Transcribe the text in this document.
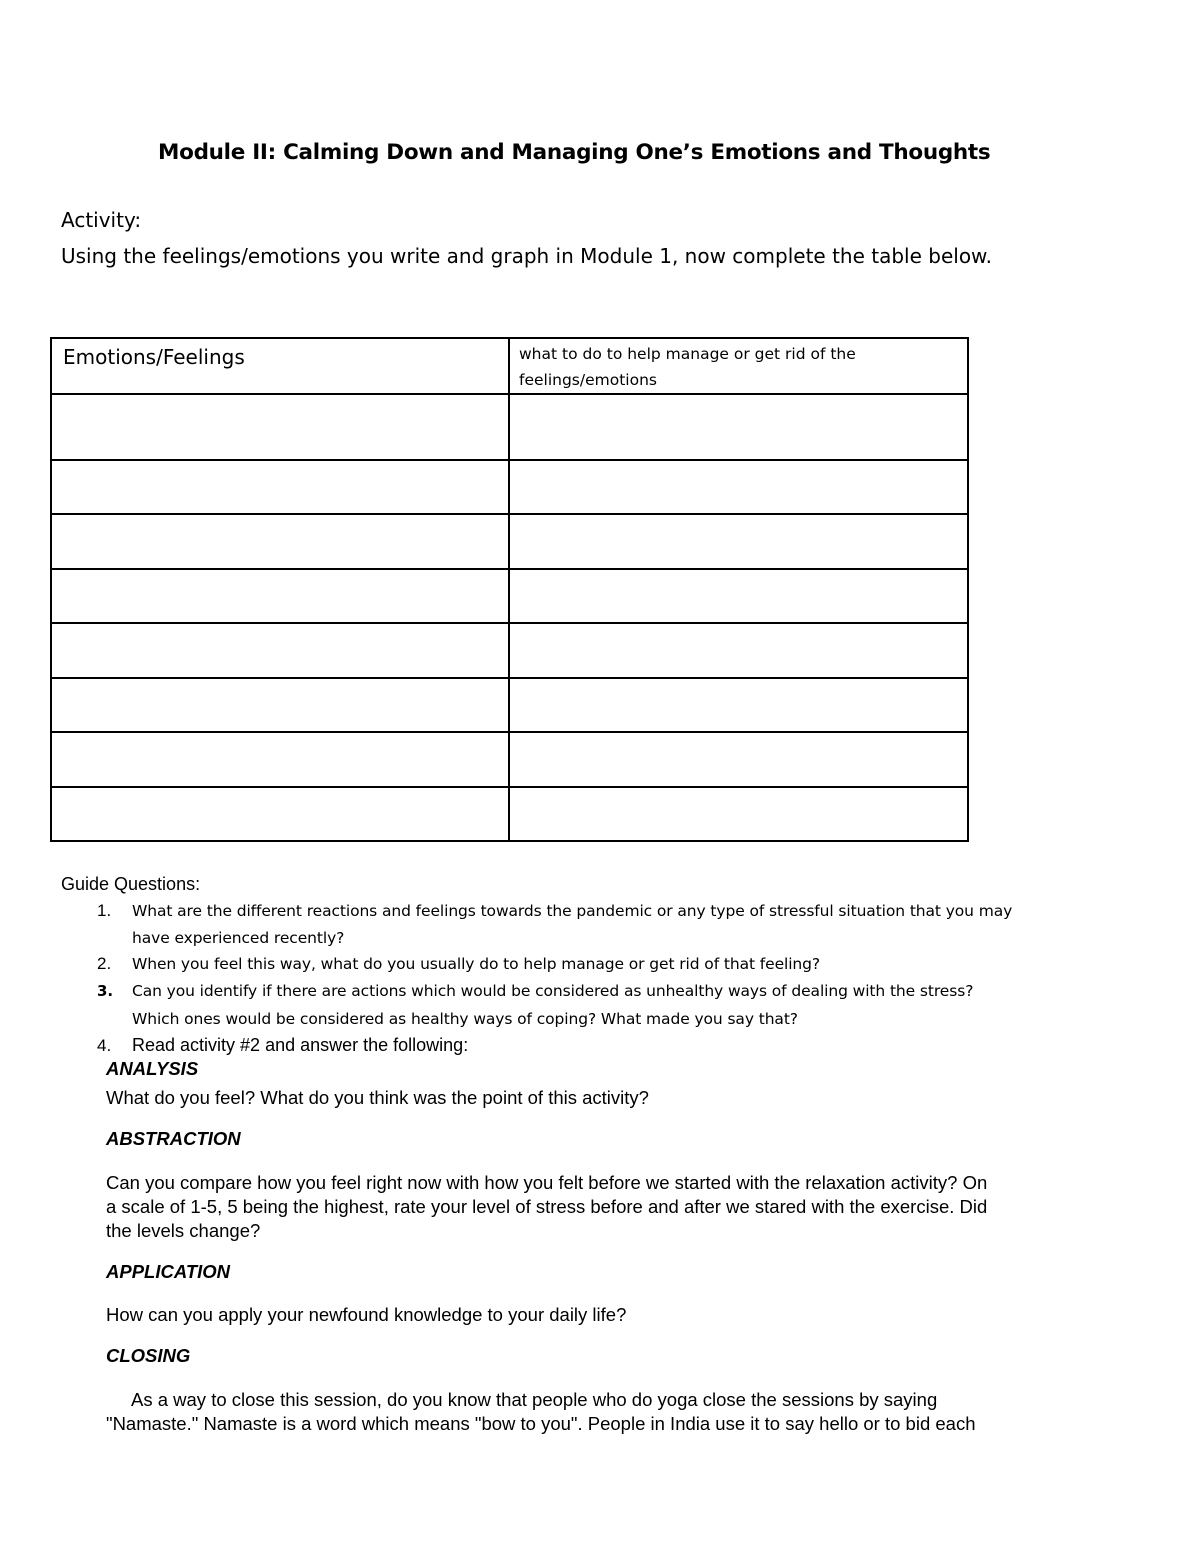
Module II: Calming Down and Managing One’s Emotions and Thoughts
Activity:
Using the feelings/emotions you write and graph in Module 1, now complete the table below.
Emotions/Feelings	what to do to help manage or get rid of the feelings/emotions

Guide Questions:
1. What are the different reactions and feelings towards the pandemic or any type of stressful situation that you may
have experienced recently?
2. When you feel this way, what do you usually do to help manage or get rid of that feeling?
3. Can you identify if there are actions which would be considered as unhealthy ways of dealing with the stress?
Which ones would be considered as healthy ways of coping? What made you say that?
4. Read activity #2 and answer the following:
ANALYSIS
What do you feel? What do you think was the point of this activity?
ABSTRACTION
Can you compare how you feel right now with how you felt before we started with the relaxation activity? On
a scale of 1-5, 5 being the highest, rate your level of stress before and after we stared with the exercise. Did
the levels change?
APPLICATION
How can you apply your newfound knowledge to your daily life?
CLOSING
As a way to close this session, do you know that people who do yoga close the sessions by saying
"Namaste." Namaste is a word which means "bow to you". People in India use it to say hello or to bid each
